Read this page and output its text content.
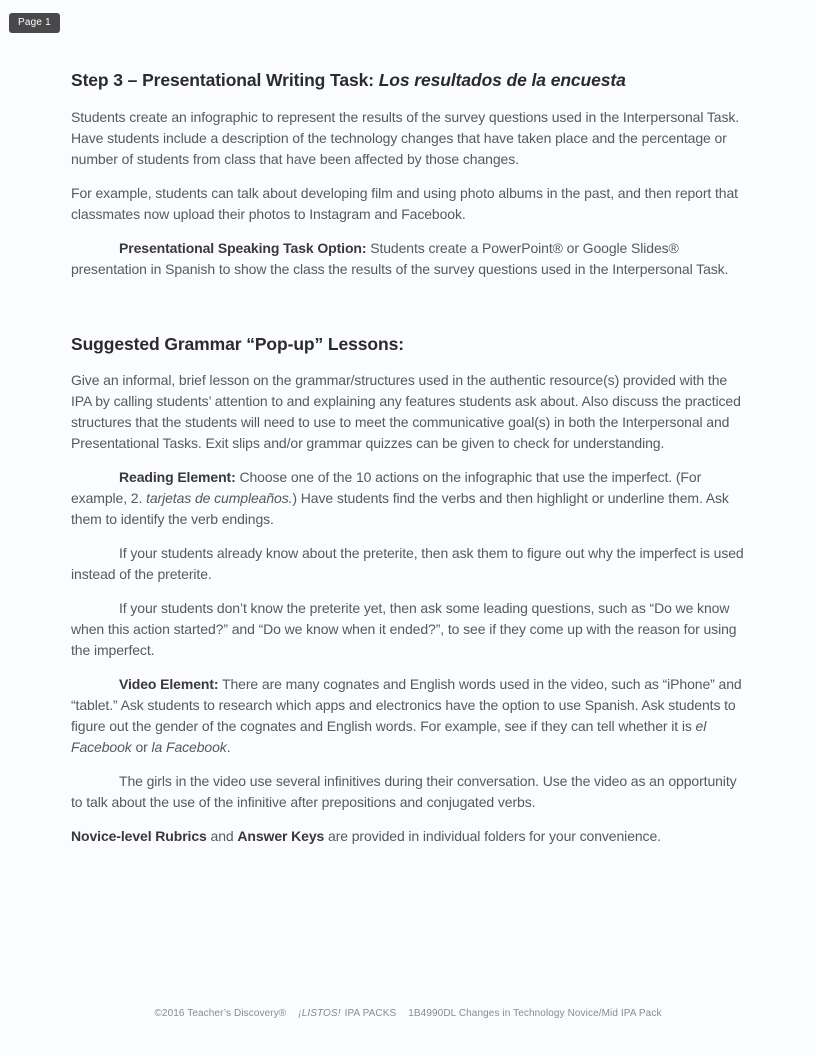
Page 1
Step 3 – Presentational Writing Task: Los resultados de la encuesta

Students create an infographic to represent the results of the survey questions used in the Interpersonal Task. Have students include a description of the technology changes that have taken place and the percentage or number of students from class that have been affected by those changes.

For example, students can talk about developing film and using photo albums in the past, and then report that classmates now upload their photos to Instagram and Facebook.

Presentational Speaking Task Option: Students create a PowerPoint® or Google Slides® presentation in Spanish to show the class the results of the survey questions used in the Interpersonal Task.

Suggested Grammar “Pop-up” Lessons:

Give an informal, brief lesson on the grammar/structures used in the authentic resource(s) provided with the IPA by calling students’ attention to and explaining any features students ask about. Also discuss the practiced structures that the students will need to use to meet the communicative goal(s) in both the Interpersonal and Presentational Tasks. Exit slips and/or grammar quizzes can be given to check for understanding.

Reading Element: Choose one of the 10 actions on the infographic that use the imperfect. (For example, 2. tarjetas de cumpleaños.) Have students find the verbs and then highlight or underline them. Ask them to identify the verb endings.

If your students already know about the preterite, then ask them to figure out why the imperfect is used instead of the preterite.

If your students don’t know the preterite yet, then ask some leading questions, such as “Do we know when this action started?” and “Do we know when it ended?”, to see if they come up with the reason for using the imperfect.

Video Element: There are many cognates and English words used in the video, such as “iPhone” and “tablet.” Ask students to research which apps and electronics have the option to use Spanish. Ask students to figure out the gender of the cognates and English words. For example, see if they can tell whether it is el Facebook or la Facebook.

The girls in the video use several infinitives during their conversation. Use the video as an opportunity to talk about the use of the infinitive after prepositions and conjugated verbs.

Novice-level Rubrics and Answer Keys are provided in individual folders for your convenience.

©2016 Teacher’s Discovery® ¡LISTOS! IPA PACKS 1B4990DL Changes in Technology Novice/Mid IPA Pack
